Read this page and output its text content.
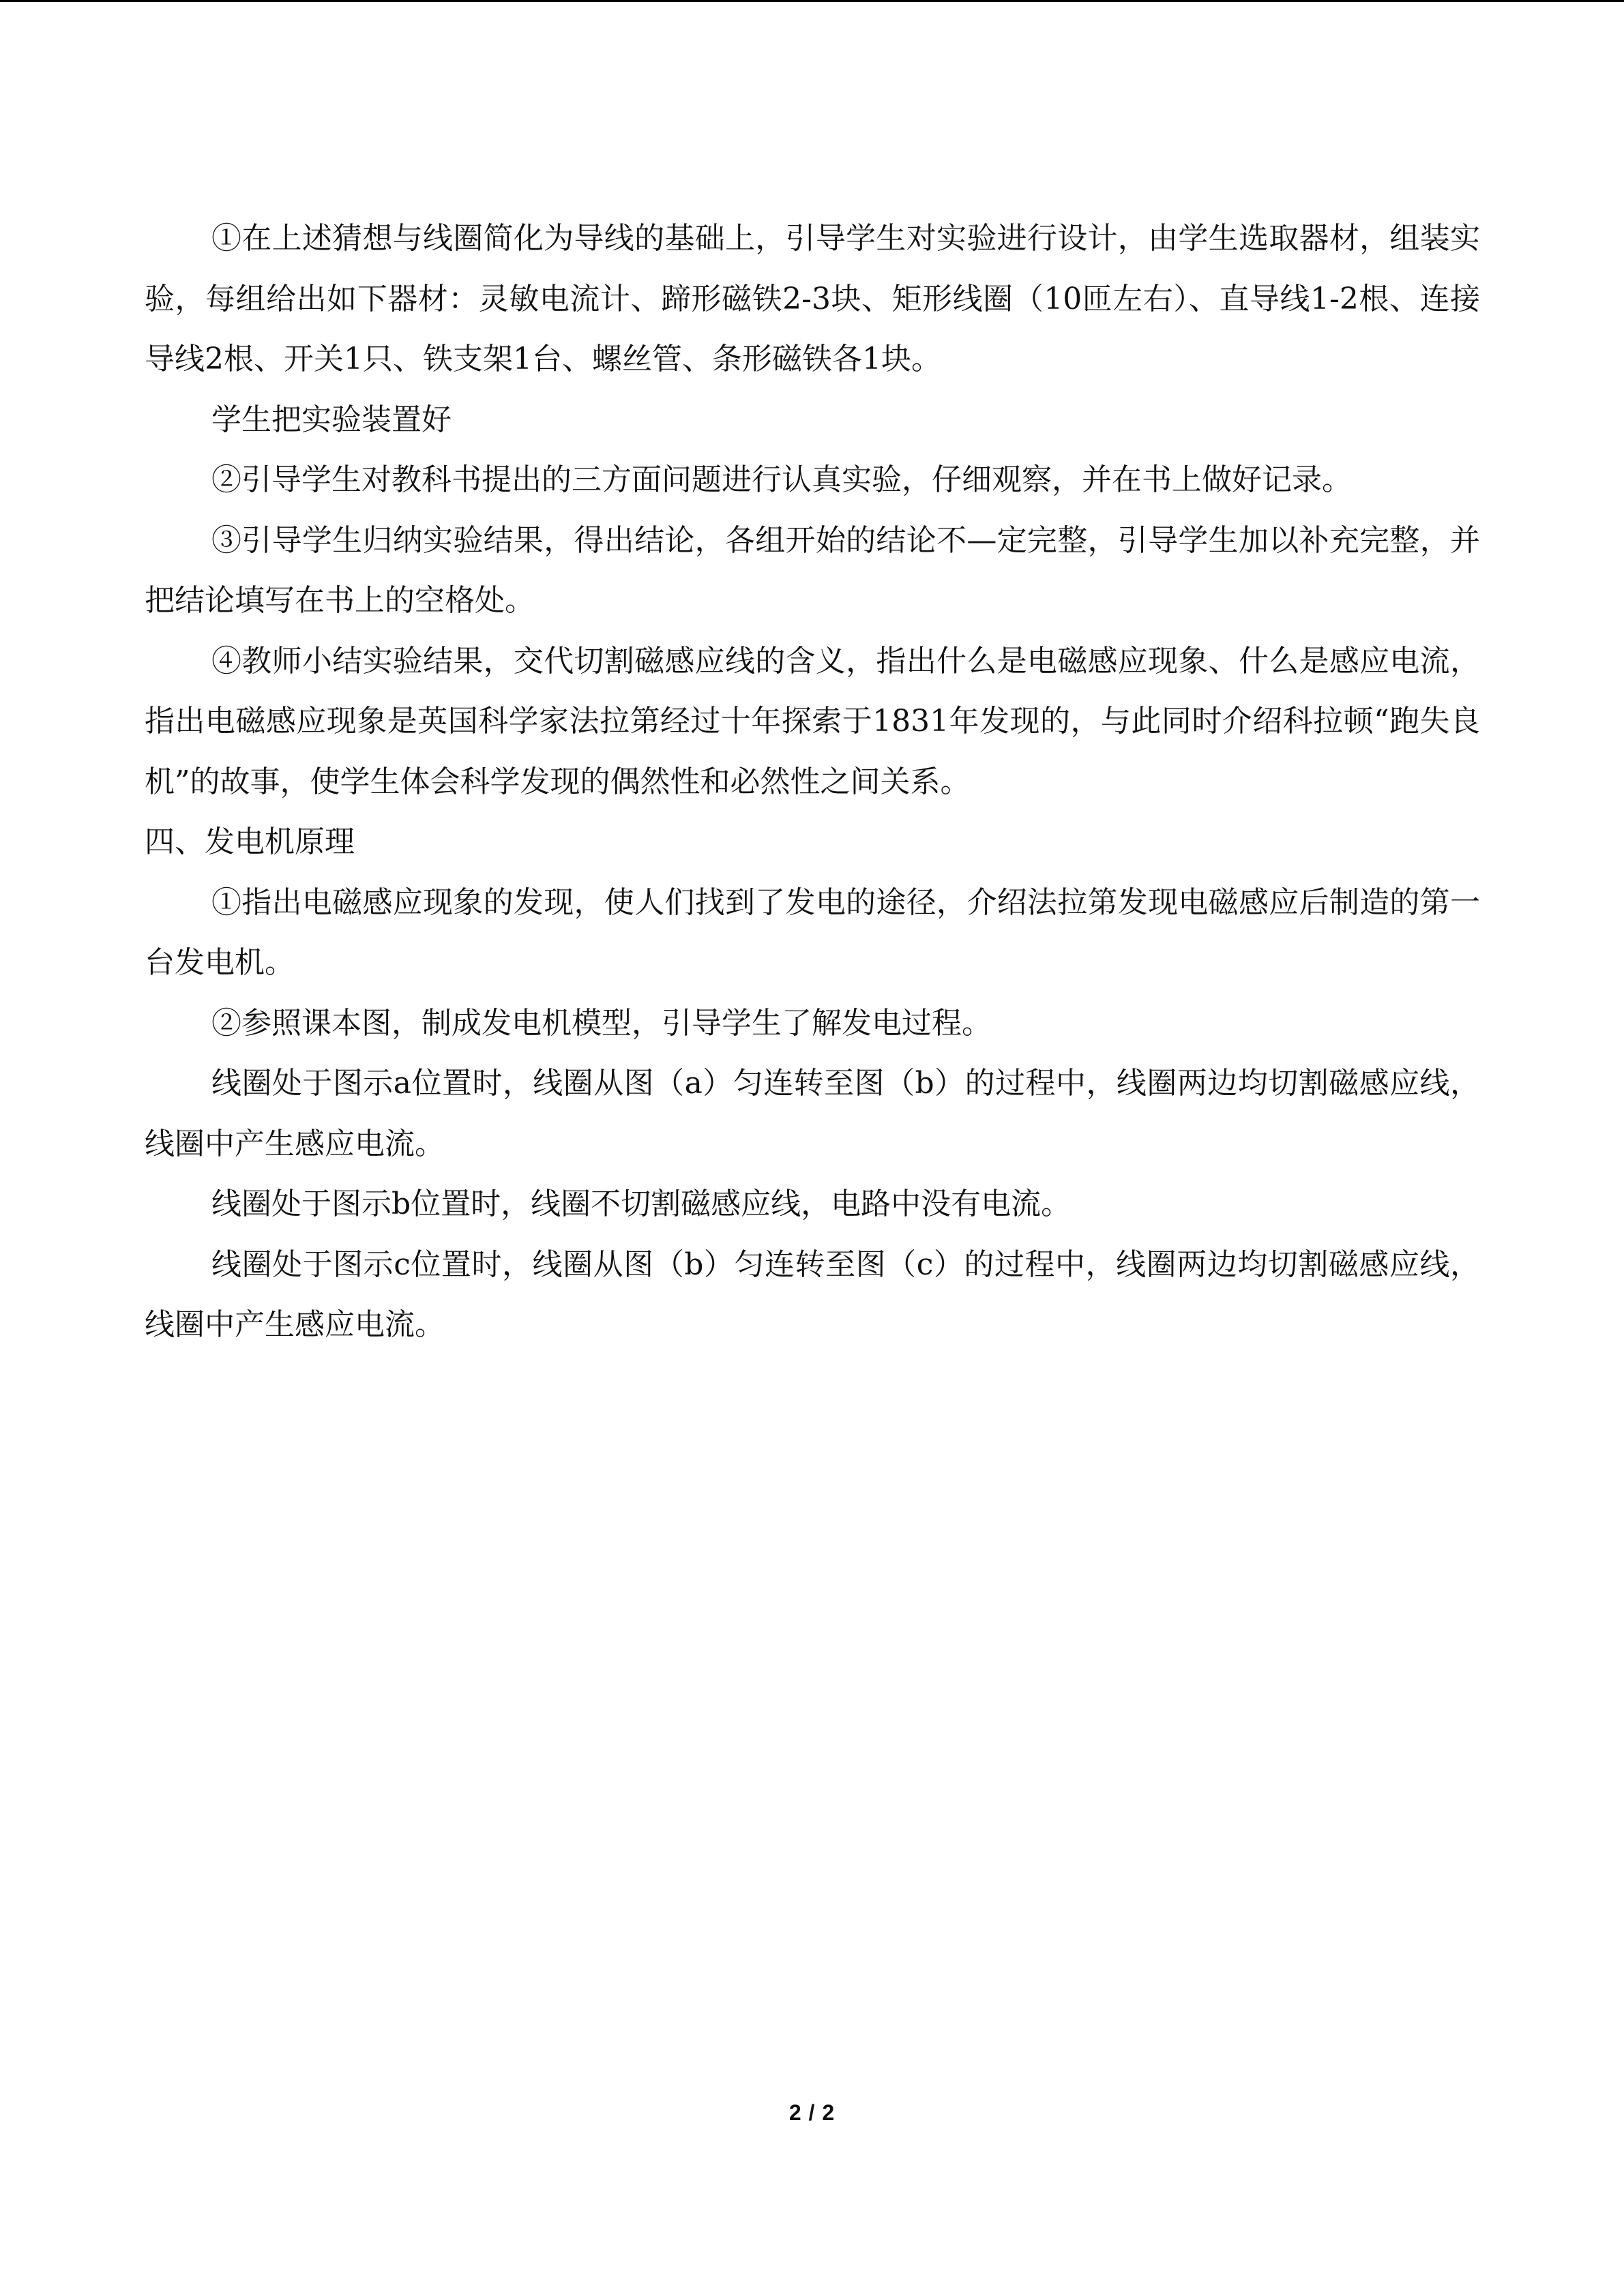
①在上述猜想与线圈简化为导线的基础上，引导学生对实验进行设计，由学生选取器材，组装实验，每组给出如下器材：灵敏电流计、蹄形磁铁2-3块、矩形线圈（10匝左右）、直导线1-2根、连接导线2根、开关1只、铁支架1台、螺丝管、条形磁铁各1块。

学生把实验装置好

②引导学生对教科书提出的三方面问题进行认真实验，仔细观察，并在书上做好记录。

③引导学生归纳实验结果，得出结论，各组开始的结论不—定完整，引导学生加以补充完整，并把结论填写在书上的空格处。

④教师小结实验结果，交代切割磁感应线的含义，指出什么是电磁感应现象、什么是感应电流，指出电磁感应现象是英国科学家法拉第经过十年探索于1831年发现的，与此同时介绍科拉顿“跑失良机”的故事，使学生体会科学发现的偶然性和必然性之间关系。

四、发电机原理

①指出电磁感应现象的发现，使人们找到了发电的途径，介绍法拉第发现电磁感应后制造的第一台发电机。

②参照课本图，制成发电机模型，引导学生了解发电过程。

线圈处于图示a位置时，线圈从图（a）匀连转至图（b）的过程中，线圈两边均切割磁感应线，线圈中产生感应电流。

线圈处于图示b位置时，线圈不切割磁感应线，电路中没有电流。

线圈处于图示c位置时，线圈从图（b）匀连转至图（c）的过程中，线圈两边均切割磁感应线，线圈中产生感应电流。

2 / 2
